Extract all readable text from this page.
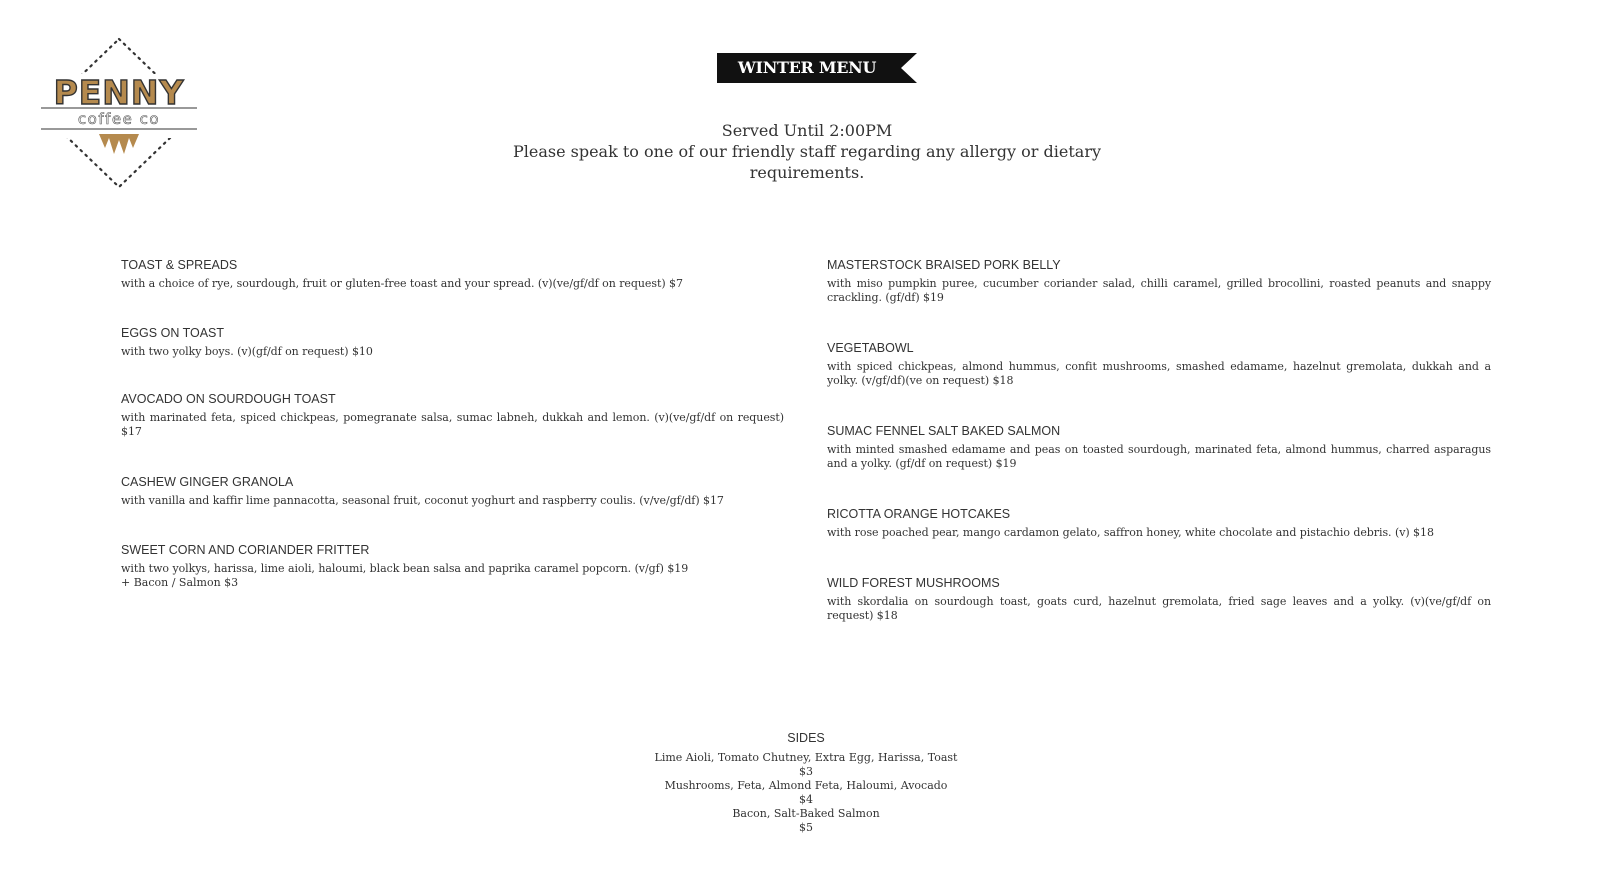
PENNY
coffee co
WINTER MENU
Served Until 2:00PM
Please speak to one of our friendly staff regarding any allergy or dietary requirements.
TOAST & SPREADS
with a choice of rye, sourdough, fruit or gluten-free toast and your spread. (v)(ve/gf/df on request) $7
EGGS ON TOAST
with two yolky boys. (v)(gf/df on request) $10
AVOCADO ON SOURDOUGH TOAST
with marinated feta, spiced chickpeas, pomegranate salsa, sumac labneh, dukkah and lemon. (v)(ve/gf/df on request) $17
CASHEW GINGER GRANOLA
with vanilla and kaffir lime pannacotta, seasonal fruit, coconut yoghurt and raspberry coulis. (v/ve/gf/df) $17
SWEET CORN AND CORIANDER FRITTER
with two yolkys, harissa, lime aioli, haloumi, black bean salsa and paprika caramel popcorn. (v/gf) $19
+ Bacon / Salmon $3
MASTERSTOCK BRAISED PORK BELLY
with miso pumpkin puree, cucumber coriander salad, chilli caramel, grilled brocollini, roasted peanuts and snappy crackling. (gf/df) $19
VEGETABOWL
with spiced chickpeas, almond hummus, confit mushrooms, smashed edamame, hazelnut gremolata, dukkah and a yolky. (v/gf/df)(ve on request) $18
SUMAC FENNEL SALT BAKED SALMON
with minted smashed edamame and peas on toasted sourdough, marinated feta, almond hummus, charred asparagus and a yolky. (gf/df on request) $19
RICOTTA ORANGE HOTCAKES
with rose poached pear, mango cardamon gelato, saffron honey, white chocolate and pistachio debris. (v) $18
WILD FOREST MUSHROOMS
with skordalia on sourdough toast, goats curd, hazelnut gremolata, fried sage leaves and a yolky. (v)(ve/gf/df on request) $18
SIDES
Lime Aioli, Tomato Chutney, Extra Egg, Harissa, Toast
$3
Mushrooms, Feta, Almond Feta, Haloumi, Avocado
$4
Bacon, Salt-Baked Salmon
$5
